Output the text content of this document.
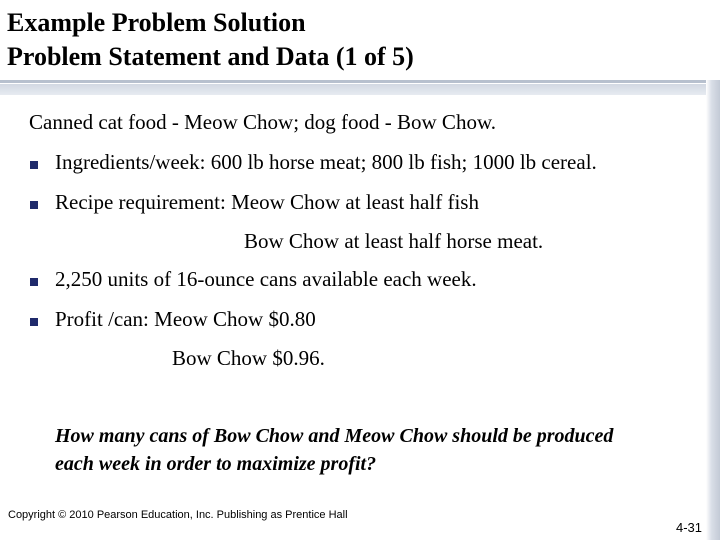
Example Problem Solution
Problem Statement and Data (1 of 5)
Canned cat food - Meow Chow; dog food - Bow Chow.
Ingredients/week: 600 lb horse meat; 800 lb fish; 1000 lb cereal.
Recipe requirement: Meow Chow at least half fish
Bow Chow at least half horse meat.
2,250 units of 16-ounce cans available each week.
Profit /can: Meow Chow $0.80
Bow Chow $0.96.
How many cans of Bow Chow and Meow Chow should be produced each week in order to maximize profit?
Copyright © 2010 Pearson Education, Inc. Publishing as Prentice Hall
4-31
